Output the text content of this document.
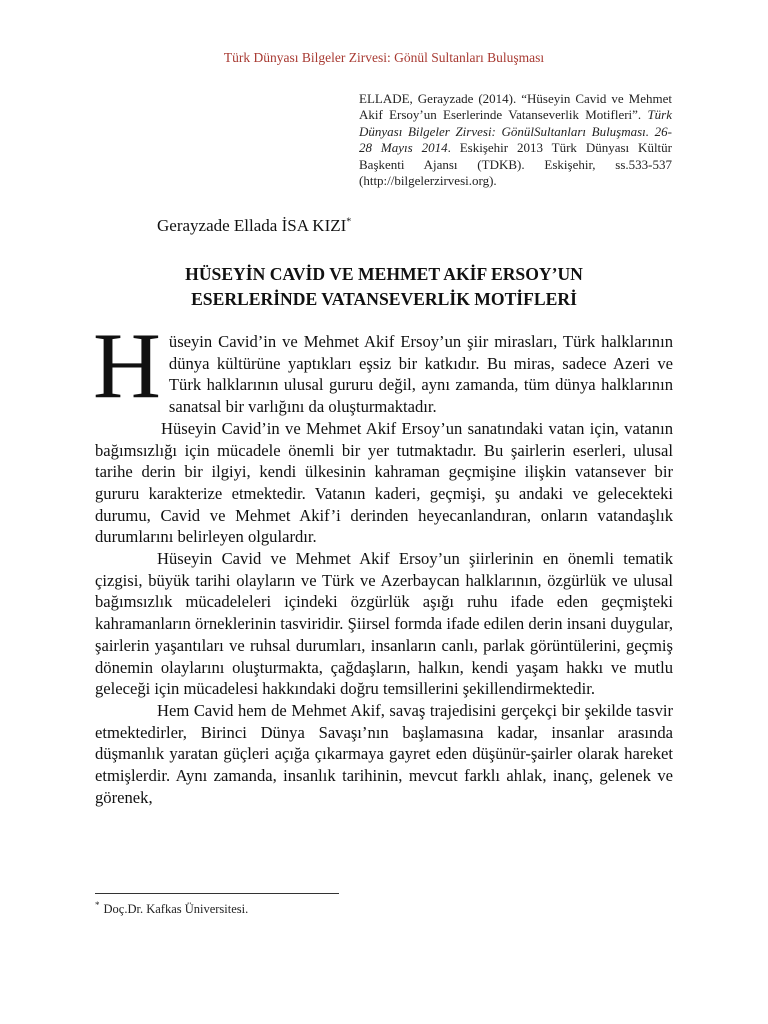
Türk Dünyası Bilgeler Zirvesi: Gönül Sultanları Buluşması
ELLADE, Gerayzade (2014). “Hüseyin Cavid ve Mehmet Akif Ersoy’un Eserlerinde Vatanseverlik Motifleri”. Türk Dünyası Bilgeler Zirvesi: GönülSultanları Buluşması. 26-28 Mayıs 2014. Eskişehir 2013 Türk Dünyası Kültür Başkenti Ajansı (TDKB). Eskişehir, ss.533-537 (http://bilgelerzirvesi.org).
Gerayzade Ellada İSA KIZI*
HÜSEYİN CAVİD VE MEHMET AKİF ERSOY’UN
ESERLERİNDE VATANSEVERLİK MOTİFLERİ

Hüseyin Cavid’in ve Mehmet Akif Ersoy’un şiir mirasları, Türk halklarının dünya kültürüne yaptıkları eşsiz bir katkıdır. Bu miras, sadece Azeri ve Türk halklarının ulusal gururu değil, aynı zamanda, tüm dünya halklarının sanatsal bir varlığını da oluşturmaktadır.

Hüseyin Cavid’in ve Mehmet Akif Ersoy’un sanatındaki vatan için, vatanın bağımsızlığı için mücadele önemli bir yer tutmaktadır. Bu şairlerin eserleri, ulusal tarihe derin bir ilgiyi, kendi ülkesinin kahraman geçmişine ilişkin vatansever bir gururu karakterize etmektedir. Vatanın kaderi, geçmişi, şu andaki ve gelecekteki durumu, Cavid ve Mehmet Akif’i derinden heyecanlandıran, onların vatandaşlık durumlarını belirleyen olgulardır.

Hüseyin Cavid ve Mehmet Akif Ersoy’un şiirlerinin en önemli tematik çizgisi, büyük tarihi olayların ve Türk ve Azerbaycan halklarının, özgürlük ve ulusal bağımsızlık mücadeleleri içindeki özgürlük aşığı ruhu ifade eden geçmişteki kahramanların örneklerinin tasviridir. Şiirsel formda ifade edilen derin insani duygular, şairlerin yaşantıları ve ruhsal durumları, insanların canlı, parlak görüntülerini, geçmiş dönemin olaylarını oluşturmakta, çağdaşların, halkın, kendi yaşam hakkı ve mutlu geleceği için mücadelesi hakkındaki doğru temsillerini şekillendirmektedir.

Hem Cavid hem de Mehmet Akif, savaş trajedisini gerçekçi bir şekilde tasvir etmektedirler, Birinci Dünya Savaşı’nın başlamasına kadar, insanlar arasında düşmanlık yaratan güçleri açığa çıkarmaya gayret eden düşünür-şairler olarak hareket etmişlerdir. Aynı zamanda, insanlık tarihinin, mevcut farklı ahlak, inanç, gelenek ve görenek,

* Doç.Dr. Kafkas Üniversitesi.
